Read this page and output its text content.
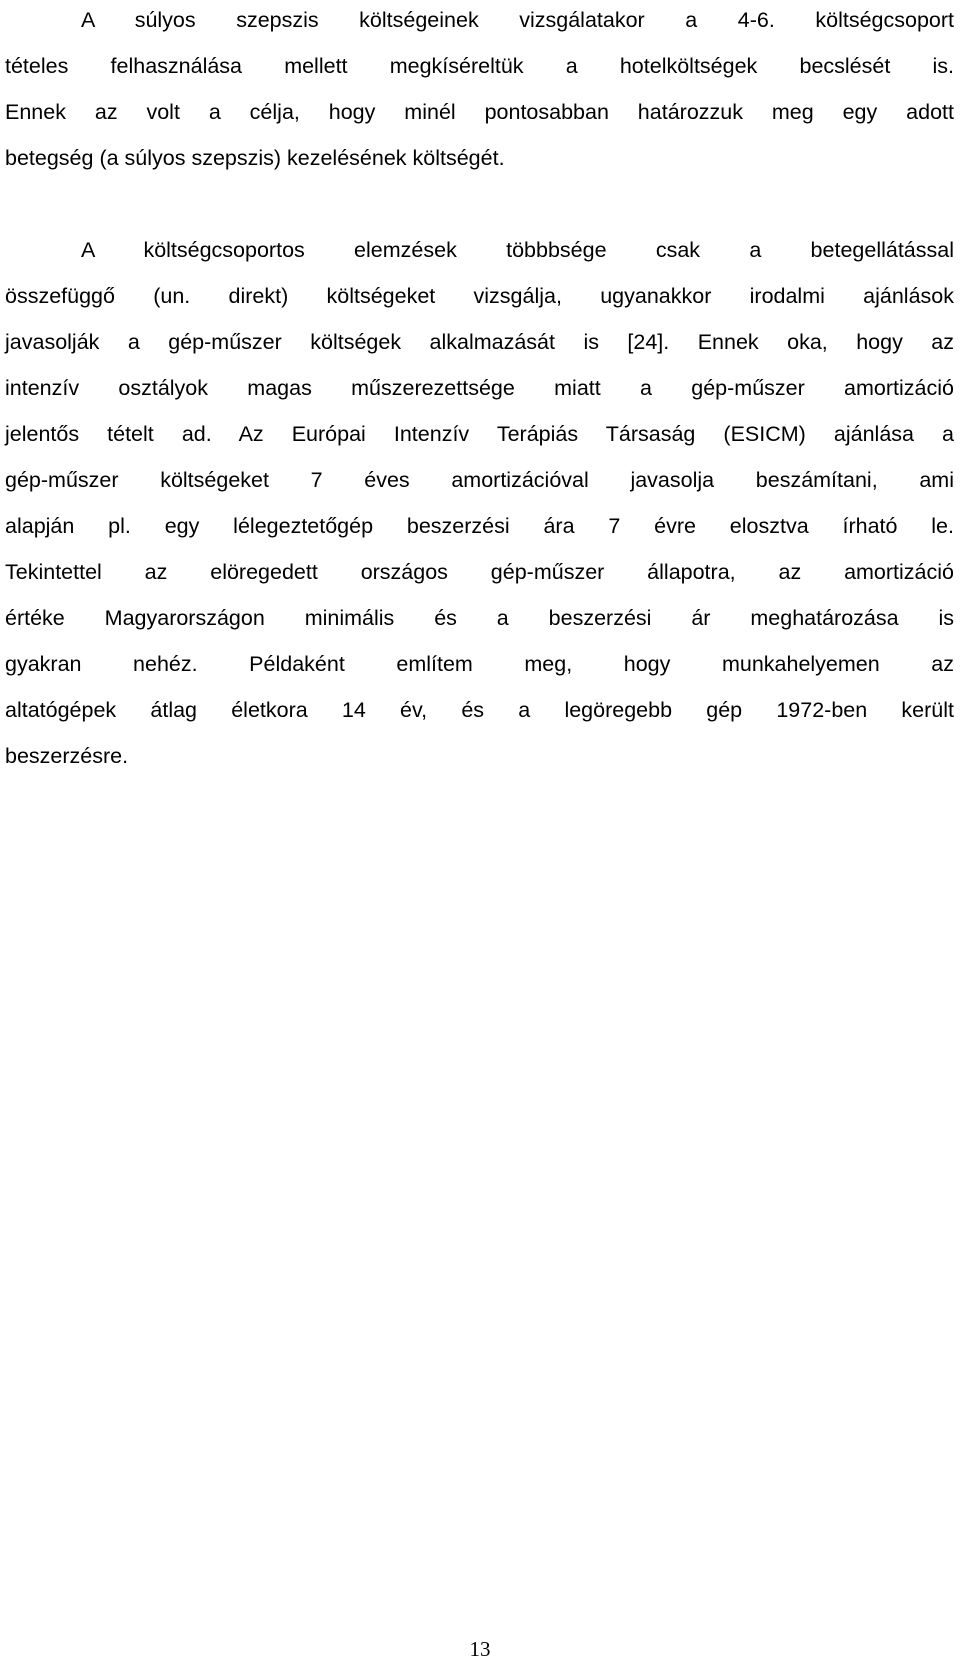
A súlyos szepszis költségeinek vizsgálatakor a 4-6. költségcsoport
tételes felhasználása mellett megkíséreltük a hotelköltségek becslését is.
Ennek az volt a célja, hogy minél pontosabban határozzuk meg egy adott
betegség (a súlyos szepszis) kezelésének költségét.
A költségcsoportos elemzések többbsége csak a betegellátással
összefüggő (un. direkt) költségeket vizsgálja, ugyanakkor irodalmi ajánlások
javasolják a gép-műszer költségek alkalmazását is [24]. Ennek oka, hogy az
intenzív osztályok magas műszerezettsége miatt a gép-műszer amortizáció
jelentős tételt ad. Az Európai Intenzív Terápiás Társaság (ESICM) ajánlása a
gép-műszer költségeket 7 éves amortizációval javasolja beszámítani, ami
alapján pl. egy lélegeztetőgép beszerzési ára 7 évre elosztva írható le.
Tekintettel az elöregedett országos gép-műszer állapotra, az amortizáció
értéke Magyarországon minimális és a beszerzési ár meghatározása is
gyakran nehéz. Példaként említem meg, hogy munkahelyemen az
altatógépek átlag életkora 14 év, és a legöregebb gép 1972-ben került
beszerzésre.
13
